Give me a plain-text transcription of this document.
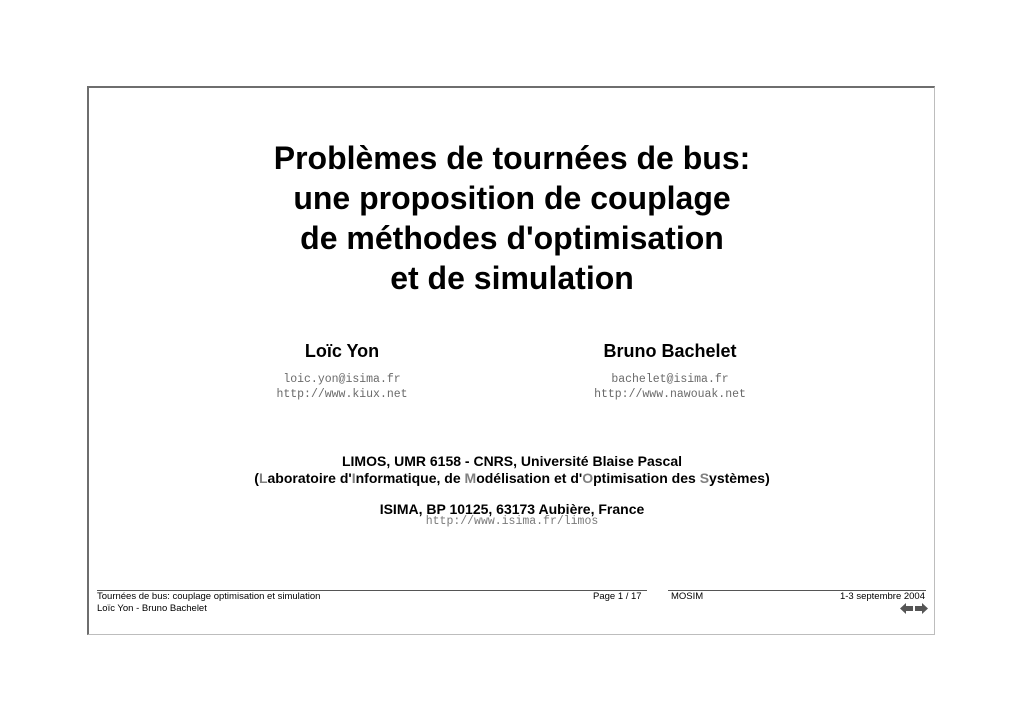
Problèmes de tournées de bus:
une proposition de couplage
de méthodes d'optimisation
et de simulation
Loïc Yon
loic.yon@isima.fr
http://www.kiux.net
Bruno Bachelet
bachelet@isima.fr
http://www.nawouak.net
LIMOS, UMR 6158 - CNRS, Université Blaise Pascal
(Laboratoire d'Informatique, de Modélisation et d'Optimisation des Systèmes)
ISIMA, BP 10125, 63173 Aubière, France
http://www.isima.fr/limos
Tournées de bus: couplage optimisation et simulation
Loïc Yon - Bruno Bachelet
Page 1 / 17	MOSIM	1-3 septembre 2004
